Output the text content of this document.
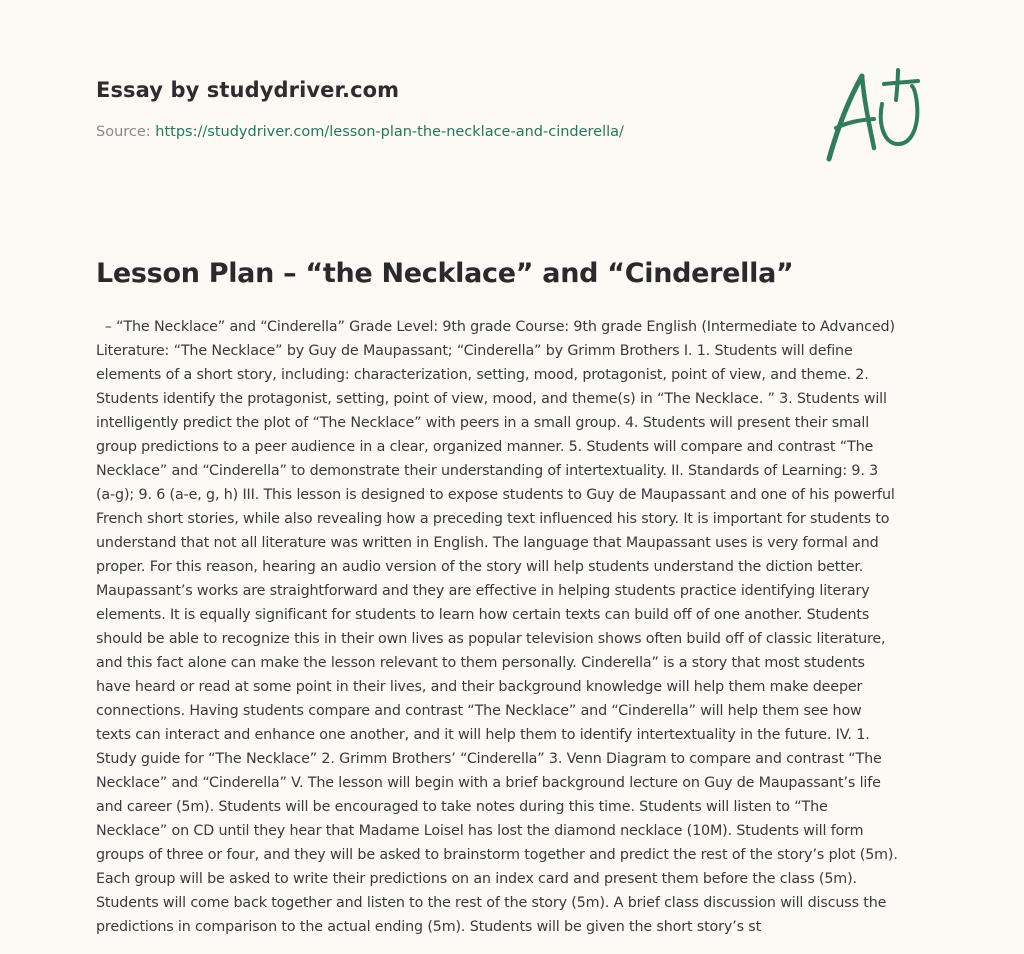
Essay by studydriver.com
Source: https://studydriver.com/lesson-plan-the-necklace-and-cinderella/
Lesson Plan – “the Necklace” and “Cinderella”
– “The Necklace” and “Cinderella” Grade Level: 9th grade Course: 9th grade English (Intermediate to Advanced)
Literature: “The Necklace” by Guy de Maupassant; “Cinderella” by Grimm Brothers I. 1. Students will define
elements of a short story, including: characterization, setting, mood, protagonist, point of view, and theme. 2.
Students identify the protagonist, setting, point of view, mood, and theme(s) in “The Necklace. ” 3. Students will
intelligently predict the plot of “The Necklace” with peers in a small group. 4. Students will present their small
group predictions to a peer audience in a clear, organized manner. 5. Students will compare and contrast “The
Necklace” and “Cinderella” to demonstrate their understanding of intertextuality. II. Standards of Learning: 9. 3
(a-g); 9. 6 (a-e, g, h) III. This lesson is designed to expose students to Guy de Maupassant and one of his powerful
French short stories, while also revealing how a preceding text influenced his story. It is important for students to
understand that not all literature was written in English. The language that Maupassant uses is very formal and
proper. For this reason, hearing an audio version of the story will help students understand the diction better.
Maupassant’s works are straightforward and they are effective in helping students practice identifying literary
elements. It is equally significant for students to learn how certain texts can build off of one another. Students
should be able to recognize this in their own lives as popular television shows often build off of classic literature,
and this fact alone can make the lesson relevant to them personally. Cinderella” is a story that most students
have heard or read at some point in their lives, and their background knowledge will help them make deeper
connections. Having students compare and contrast “The Necklace” and “Cinderella” will help them see how
texts can interact and enhance one another, and it will help them to identify intertextuality in the future. IV. 1.
Study guide for “The Necklace” 2. Grimm Brothers’ “Cinderella” 3. Venn Diagram to compare and contrast “The
Necklace” and “Cinderella” V. The lesson will begin with a brief background lecture on Guy de Maupassant’s life
and career (5m). Students will be encouraged to take notes during this time. Students will listen to “The
Necklace” on CD until they hear that Madame Loisel has lost the diamond necklace (10M). Students will form
groups of three or four, and they will be asked to brainstorm together and predict the rest of the story’s plot (5m).
Each group will be asked to write their predictions on an index card and present them before the class (5m).
Students will come back together and listen to the rest of the story (5m). A brief class discussion will discuss the
predictions in comparison to the actual ending (5m). Students will be given the short story’s st
